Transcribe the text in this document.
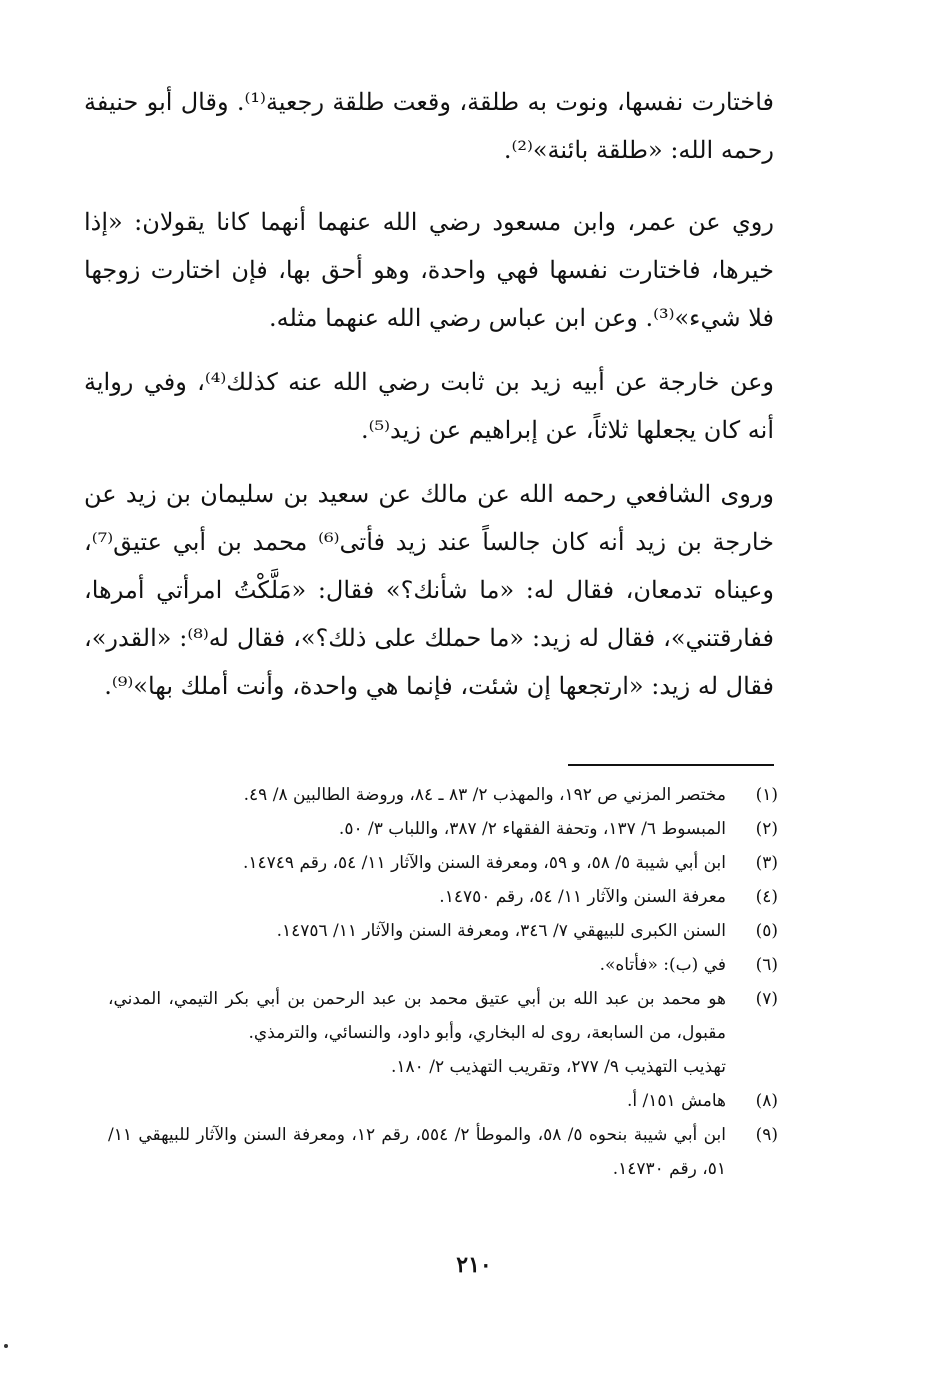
فاختارت نفسها، ونوت به طلقة، وقعت طلقة رجعية⁽¹⁾. وقال أبو حنيفة رحمه الله: «طلقة بائنة»⁽²⁾.

روي عن عمر، وابن مسعود رضي الله عنهما أنهما كانا يقولان: «إذا خيرها، فاختارت نفسها فهي واحدة، وهو أحق بها، فإن اختارت زوجها فلا شيء»⁽³⁾. وعن ابن عباس رضي الله عنهما مثله.

وعن خارجة عن أبيه زيد بن ثابت رضي الله عنه كذلك⁽⁴⁾، وفي رواية أنه كان يجعلها ثلاثاً، عن إبراهيم عن زيد⁽⁵⁾.

وروى الشافعي رحمه الله عن مالك عن سعيد بن سليمان بن زيد عن خارجة بن زيد أنه كان جالساً عند زيد فأتى⁽⁶⁾ محمد بن أبي عتيق⁽⁷⁾، وعيناه تدمعان، فقال له: «ما شأنك؟» فقال: «مَلَّكْتُ امرأتي أمرها، ففارقتني»، فقال له زيد: «ما حملك على ذلك؟»، فقال له⁽⁸⁾: «القدر»، فقال له زيد: «ارتجعها إن شئت، فإنما هي واحدة، وأنت أملك بها»⁽⁹⁾.

(١)
مختصر المزني ص ١٩٢، والمهذب ٢/ ٨٣ ـ ٨٤، وروضة الطالبين ٨/ ٤٩.
(٢)
المبسوط ٦/ ١٣٧، وتحفة الفقهاء ٢/ ٣٨٧، واللباب ٣/ ٥٠.
(٣)
ابن أبي شيبة ٥/ ٥٨، و ٥٩، ومعرفة السنن والآثار ١١/ ٥٤، رقم ١٤٧٤٩.
(٤)
معرفة السنن والآثار ١١/ ٥٤، رقم ١٤٧٥٠.
(٥)
السنن الكبرى للبيهقي ٧/ ٣٤٦، ومعرفة السنن والآثار ١١/ ١٤٧٥٦.
(٦)
في (ب): «فأتاه».
(٧)
هو محمد بن عبد الله بن أبي عتيق محمد بن عبد الرحمن بن أبي بكر التيمي، المدني، مقبول، من السابعة، روى له البخاري، وأبو داود، والنسائي، والترمذي.
تهذيب التهذيب ٩/ ٢٧٧، وتقريب التهذيب ٢/ ١٨٠.
(٨)
هامش ١٥١/ أ.
(٩)
ابن أبي شيبة بنحوه ٥/ ٥٨، والموطأ ٢/ ٥٥٤، رقم ١٢، ومعرفة السنن والآثار للبيهقي ١١/ ٥١، رقم ١٤٧٣٠.
٢١٠
